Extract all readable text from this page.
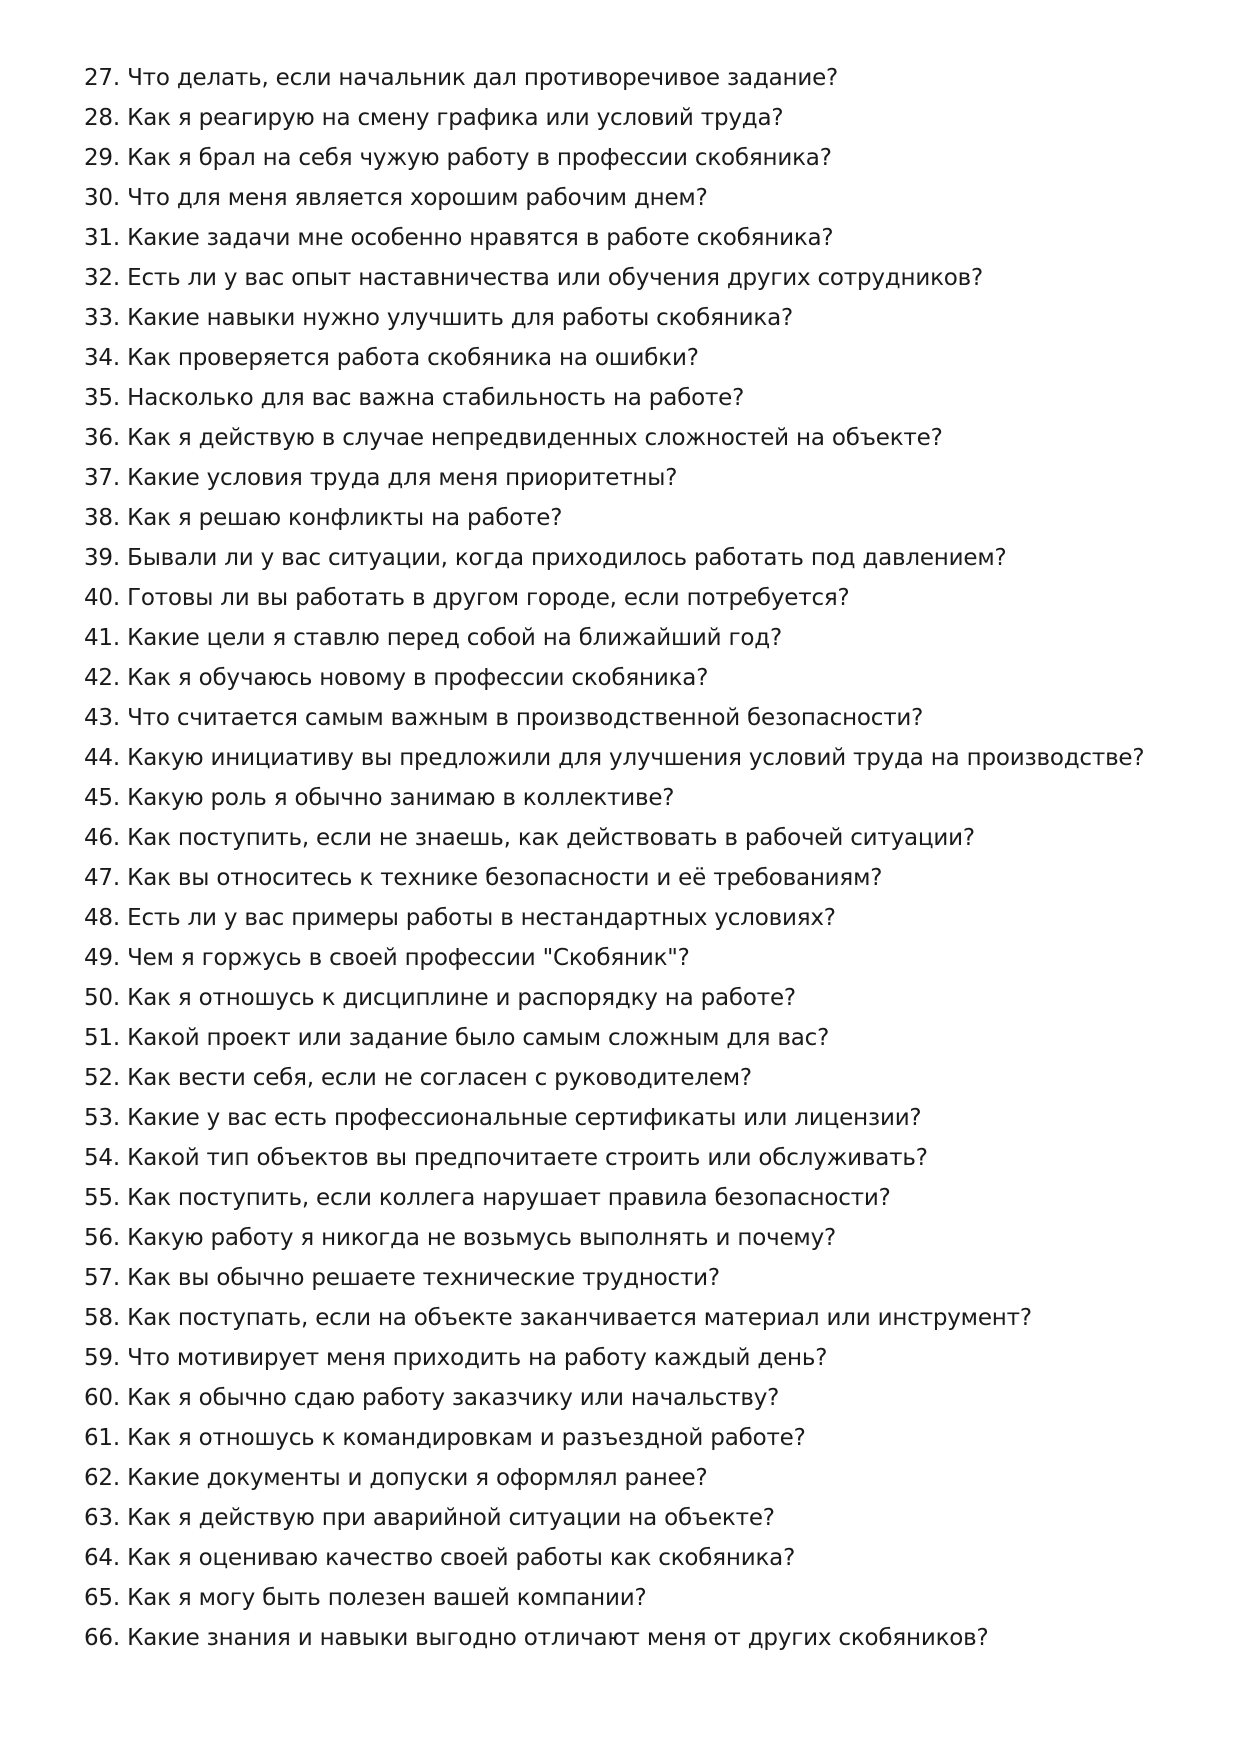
27. Что делать, если начальник дал противоречивое задание?
28. Как я реагирую на смену графика или условий труда?
29. Как я брал на себя чужую работу в профессии скобяника?
30. Что для меня является хорошим рабочим днем?
31. Какие задачи мне особенно нравятся в работе скобяника?
32. Есть ли у вас опыт наставничества или обучения других сотрудников?
33. Какие навыки нужно улучшить для работы скобяника?
34. Как проверяется работа скобяника на ошибки?
35. Насколько для вас важна стабильность на работе?
36. Как я действую в случае непредвиденных сложностей на объекте?
37. Какие условия труда для меня приоритетны?
38. Как я решаю конфликты на работе?
39. Бывали ли у вас ситуации, когда приходилось работать под давлением?
40. Готовы ли вы работать в другом городе, если потребуется?
41. Какие цели я ставлю перед собой на ближайший год?
42. Как я обучаюсь новому в профессии скобяника?
43. Что считается самым важным в производственной безопасности?
44. Какую инициативу вы предложили для улучшения условий труда на производстве?
45. Какую роль я обычно занимаю в коллективе?
46. Как поступить, если не знаешь, как действовать в рабочей ситуации?
47. Как вы относитесь к технике безопасности и её требованиям?
48. Есть ли у вас примеры работы в нестандартных условиях?
49. Чем я горжусь в своей профессии "Скобяник"?
50. Как я отношусь к дисциплине и распорядку на работе?
51. Какой проект или задание было самым сложным для вас?
52. Как вести себя, если не согласен с руководителем?
53. Какие у вас есть профессиональные сертификаты или лицензии?
54. Какой тип объектов вы предпочитаете строить или обслуживать?
55. Как поступить, если коллега нарушает правила безопасности?
56. Какую работу я никогда не возьмусь выполнять и почему?
57. Как вы обычно решаете технические трудности?
58. Как поступать, если на объекте заканчивается материал или инструмент?
59. Что мотивирует меня приходить на работу каждый день?
60. Как я обычно сдаю работу заказчику или начальству?
61. Как я отношусь к командировкам и разъездной работе?
62. Какие документы и допуски я оформлял ранее?
63. Как я действую при аварийной ситуации на объекте?
64. Как я оцениваю качество своей работы как скобяника?
65. Как я могу быть полезен вашей компании?
66. Какие знания и навыки выгодно отличают меня от других скобяников?
